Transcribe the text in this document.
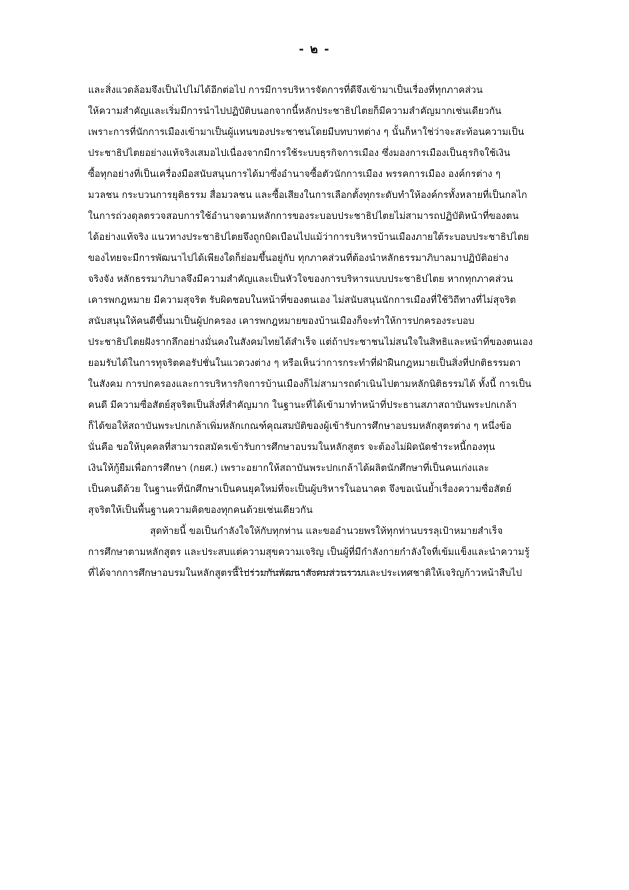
- ๒ -
และสิ่งแวดล้อมจึงเป็นไปไม่ได้อีกต่อไป การมีการบริหารจัดการที่ดีจึงเข้ามาเป็นเรื่องที่ทุกภาคส่วน
ให้ความสำคัญและเริ่มมีการนำไปปฏิบัติบนอกจากนี้หลักประชาธิปไตยก็มีความสำคัญมากเช่นเดียวกัน
เพราะการที่นักการเมืองเข้ามาเป็นผู้แทนของประชาชนโดยมีบทบาทต่าง ๆ นั้นก็หาใช่ว่าจะสะท้อนความเป็น
ประชาธิปไตยอย่างแท้จริงเสมอไปเนื่องจากมีการใช้ระบบธุรกิจการเมือง ซึ่งมองการเมืองเป็นธุรกิจใช้เงิน
ซื้อทุกอย่างที่เป็นเครื่องมือสนับสนุนการได้มาซึ่งอำนาจซื้อตัวนักการเมือง พรรคการเมือง องค์กรต่าง ๆ
มวลชน กระบวนการยุติธรรม สื่อมวลชน และซื้อเสียงในการเลือกตั้งทุกระดับทำให้องค์กรทั้งหลายที่เป็นกลไก
ในการถ่วงดุลตรวจสอบการใช้อำนาจตามหลักการของระบอบประชาธิปไตยไม่สามารถปฏิบัติหน้าที่ของตน
ได้อย่างแท้จริง แนวทางประชาธิปไตยจึงถูกบิดเบือนไปแม้ว่าการบริหารบ้านเมืองภายใต้ระบอบประชาธิปไตย
ของไทยจะมีการพัฒนาไปได้เพียงใดก็ย่อมขึ้นอยู่กับ ทุกภาคส่วนที่ต้องนำหลักธรรมาภิบาลมาปฏิบัติอย่าง
จริงจัง หลักธรรมาภิบาลจึงมีความสำคัญและเป็นหัวใจของการบริหารแบบประชาธิปไตย หากทุกภาคส่วน
เคารพกฎหมาย มีความสุจริต รับผิดชอบในหน้าที่ของตนเอง ไม่สนับสนุนนักการเมืองที่ใช้วิถีทางที่ไม่สุจริต
สนับสนุนให้คนดีขึ้นมาเป็นผู้ปกครอง เคารพกฎหมายของบ้านเมืองก็จะทำให้การปกครองระบอบ
ประชาธิปไตยฝังรากลึกอย่างมั่นคงในสังคมไทยได้สำเร็จ แต่ถ้าประชาชนไม่สนใจในสิทธิและหน้าที่ของตนเอง
ยอมรับได้ในการทุจริตคอรัปชั่นในแวดวงต่าง ๆ หรือเห็นว่าการกระทำที่ฝ่าฝืนกฎหมายเป็นสิ่งที่ปกติธรรมดา
ในสังคม การปกครองและการบริหารกิจการบ้านเมืองก็ไม่สามารถดำเนินไปตามหลักนิติธรรมได้ ทั้งนี้ การเป็น
คนดี มีความซื่อสัตย์สุจริตเป็นสิ่งที่สำคัญมาก ในฐานะที่ได้เข้ามาทำหน้าที่ประธานสภาสถาบันพระปกเกล้า
ก็ได้ขอให้สถาบันพระปกเกล้าเพิ่มหลักเกณฑ์คุณสมบัติของผู้เข้ารับการศึกษาอบรมหลักสูตรต่าง ๆ หนึ่งข้อ
นั่นคือ ขอให้บุคคลที่สามารถสมัครเข้ารับการศึกษาอบรมในหลักสูตร จะต้องไม่ผิดนัดชำระหนี้กองทุน
เงินให้กู้ยืมเพื่อการศึกษา (กยศ.) เพราะอยากให้สถาบันพระปกเกล้าได้ผลิตนักศึกษาที่เป็นคนเก่งและ
เป็นคนดีด้วย ในฐานะที่นักศึกษาเป็นคนยุคใหม่ที่จะเป็นผู้บริหารในอนาคต จึงขอเน้นย้ำเรื่องความซื่อสัตย์
สุจริตให้เป็นพื้นฐานความคิดของทุกคนด้วยเช่นเดียวกัน
สุดท้ายนี้ ขอเป็นกำลังใจให้กับทุกท่าน และขออำนวยพรให้ทุกท่านบรรลุเป้าหมายสำเร็จ
การศึกษาตามหลักสูตร และประสบแต่ความสุขความเจริญ เป็นผู้ที่มีกำลังกายกำลังใจที่เข้มแข็งและนำความรู้
ที่ได้จากการศึกษาอบรมในหลักสูตรนี้ไปร่วมกันพัฒนาสังคมส่วนรวมและประเทศชาติให้เจริญก้าวหน้าสืบไป
